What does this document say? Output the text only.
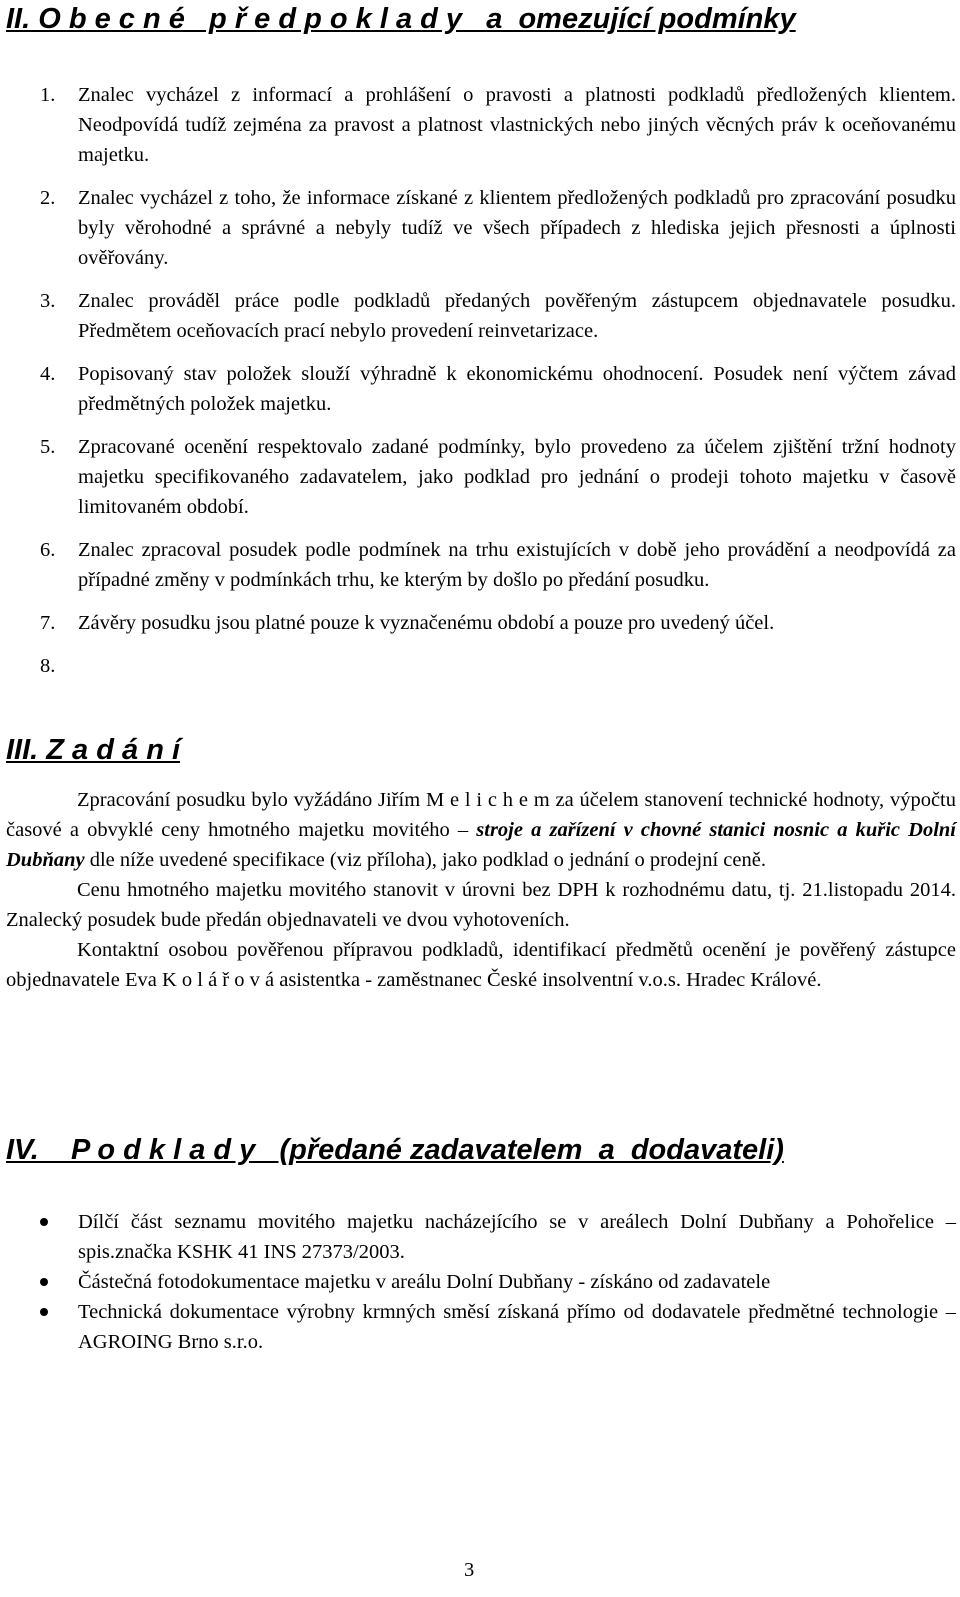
II. O b e c n é   p ř e d p o k l a d y   a  omezující podmínky
1. Znalec vycházel z informací a prohlášení o pravosti a platnosti podkladů předložených klientem. Neodpovídá tudíž zejména za pravost a platnost vlastnických nebo jiných věcných práv k oceňovanému majetku.
2. Znalec vycházel z toho, že informace získané z klientem předložených podkladů pro zpracování posudku byly věrohodné a správné a nebyly tudíž ve všech případech z hlediska jejich přesnosti a úplnosti ověřovány.
3. Znalec prováděl práce podle podkladů předaných pověřeným zástupcem objednavatele posudku. Předmětem oceňovacích prací nebylo provedení reinvetarizace.
4. Popisovaný stav položek slouží výhradně k ekonomickému ohodnocení. Posudek není výčtem závad předmětných položek majetku.
5. Zpracované ocenění respektovalo zadané podmínky, bylo provedeno za účelem zjištění tržní hodnoty majetku specifikovaného zadavatelem, jako podklad pro jednání o prodeji tohoto majetku v časově limitovaném období.
6. Znalec zpracoval posudek podle podmínek na trhu existujících v době jeho provádění a neodpovídá za případné změny v podmínkách trhu, ke kterým by došlo po předání posudku.
7. Závěry posudku jsou platné pouze k vyznačenému období a pouze pro uvedený účel.
8.
III. Z a d á n í

Zpracování posudku bylo vyžádáno Jiřím M e l i c h e m za účelem stanovení technické hodnoty, výpočtu časové a obvyklé ceny hmotného majetku movitého – stroje a zařízení v chovné stanici nosnic a kuřic Dolní Dubňany dle níže uvedené specifikace (viz příloha), jako podklad o jednání o prodejní ceně.

Cenu hmotného majetku movitého stanovit v úrovni bez DPH k rozhodnému datu, tj. 21.listopadu 2014. Znalecký posudek bude předán objednavateli ve dvou vyhotoveních.

Kontaktní osobou pověřenou přípravou podkladů, identifikací předmětů ocenění je pověřený zástupce objednavatele Eva K o l á ř o v á asistentka - zaměstnanec České insolventní v.o.s. Hradec Králové.

IV.    P o d k l a d y   (předané zadavatelem  a  dodavateli)
Dílčí část seznamu movitého majetku nacházejícího se v areálech Dolní Dubňany a Pohořelice – spis.značka KSHK 41 INS 27373/2003.
Částečná fotodokumentace majetku v areálu Dolní Dubňany - získáno od zadavatele
Technická dokumentace výrobny krmných směsí získaná přímo od dodavatele předmětné technologie – AGROING Brno s.r.o.
3
